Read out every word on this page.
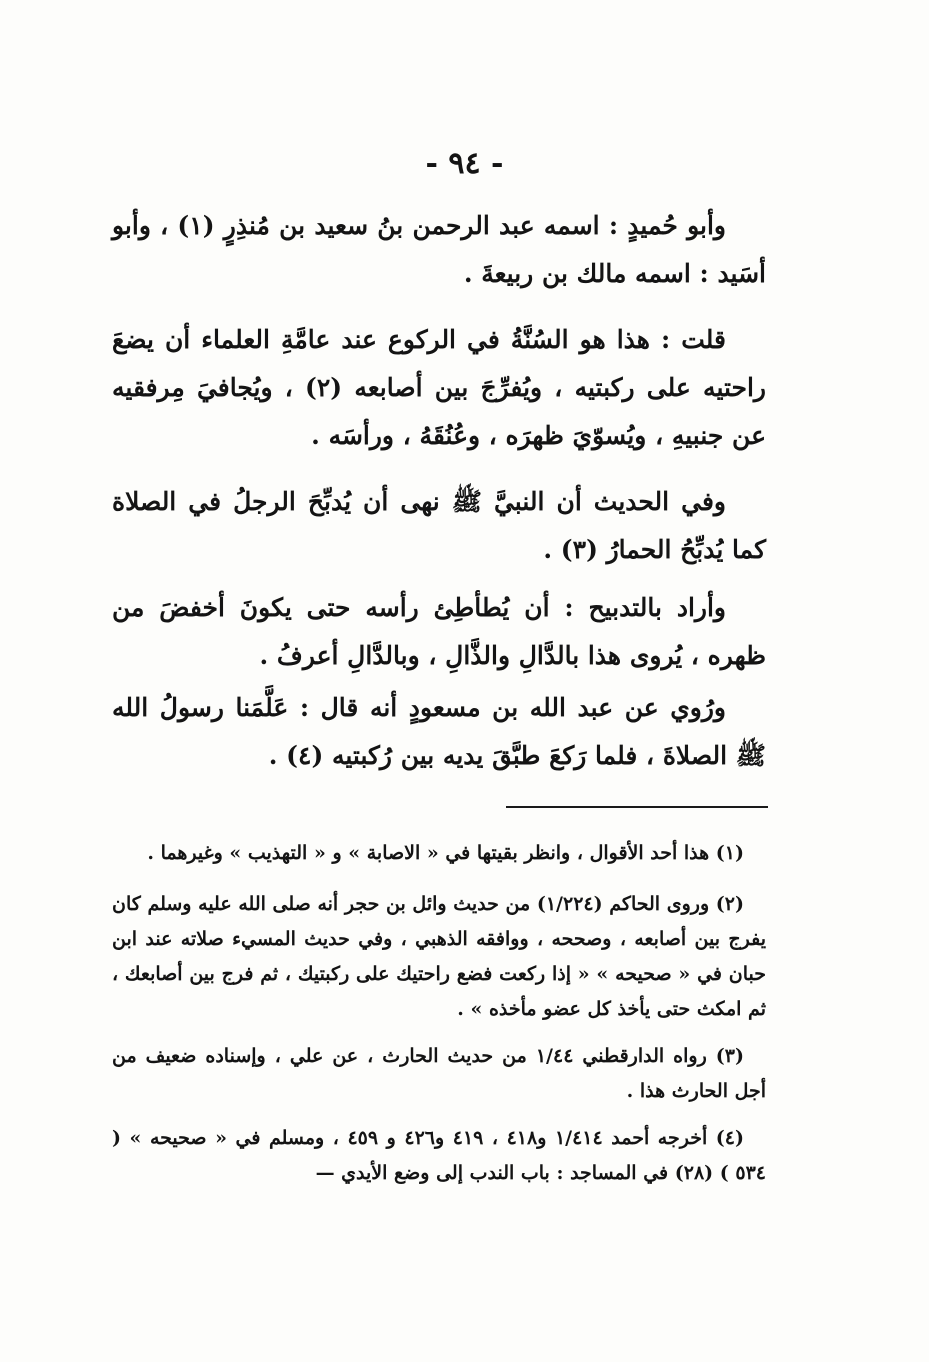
- ٩٤ -

وأبو حُميدٍ : اسمه عبد الرحمن بنُ سعيد بن مُنذِرٍ (١) ، وأبو أسَيد : اسمه مالك بن ربيعةَ .

قلت : هذا هو السُنَّةُ في الركوع عند عامَّةِ العلماء أن يضعَ راحتيه على ركبتيه ، ويُفرِّجَ بين أصابعه (٢) ، ويُجافيَ مِرفقيه عن جنبيهِ ، ويُسوّيَ ظهرَه ، وعُنُقَهُ ، ورأسَه .

وفي الحديث أن النبيَّ ﷺ نهى أن يُدبِّحَ الرجلُ في الصلاة كما يُدبِّحُ الحمارُ (٣) .

وأراد بالتدبيح : أن يُطأطِئ رأسه حتى يكونَ أخفضَ من ظهره ، يُروى هذا بالدَّالِ والذَّالِ ، وبالدَّالِ أعرفُ .

ورُوي عن عبد الله بن مسعودٍ أنه قال : عَلَّمَنا رسولُ الله ﷺ الصلاةَ ، فلما رَكعَ طبَّقَ يديه بين رُكبتيه (٤) .

(١) هذا أحد الأقوال ، وانظر بقيتها في « الاصابة » و « التهذيب » وغيرهما .

(٢) وروى الحاكم (١/٢٢٤) من حديث وائل بن حجر أنه صلى الله عليه وسلم كان يفرج بين أصابعه ، وصححه ، ووافقه الذهبي ، وفي حديث المسيء صلاته عند ابن حبان في « صحيحه » « إذا ركعت فضع راحتيك على ركبتيك ، ثم فرج بين أصابعك ، ثم امكث حتى يأخذ كل عضو مأخذه » .

(٣) رواه الدارقطني ١/٤٤ من حديث الحارث ، عن علي ، وإسناده ضعيف من أجل الحارث هذا .

(٤) أخرجه أحمد ١/٤١٤ و٤١٨ ، ٤١٩ و٤٢٦ و ٤٥٩ ، ومسلم في « صحيحه » ( ٥٣٤ ) (٢٨) في المساجد : باب الندب إلى وضع الأيدي —
